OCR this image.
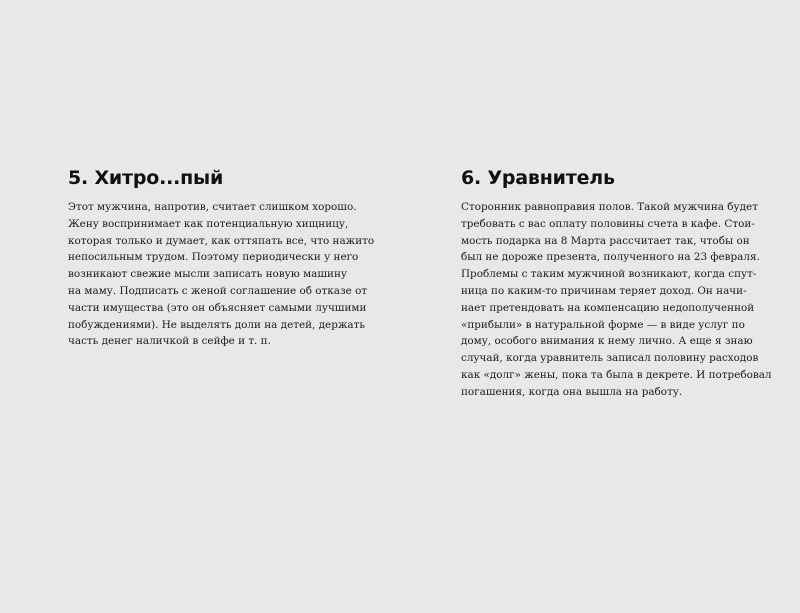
5. Хитро...пый
Этот мужчина, напротив, считает слишком хорошо.
Жену воспринимает как потенциальную хищницу,
которая только и думает, как оттяпать все, что нажито
непосильным трудом. Поэтому периодически у него
возникают свежие мысли записать новую машину
на маму. Подписать с женой соглашение об отказе от
части имущества (это он объясняет самыми лучшими
побуждениями). Не выделять доли на детей, держать
часть денег наличкой в сейфе и т. п.
6. Уравнитель
Сторонник равноправия полов. Такой мужчина будет
требовать с вас оплату половины счета в кафе. Стои-
мость подарка на 8 Марта рассчитает так, чтобы он
был не дороже презента, полученного на 23 февраля.
Проблемы с таким мужчиной возникают, когда спут-
ница по каким-то причинам теряет доход. Он начи-
нает претендовать на компенсацию недополученной
«прибыли» в натуральной форме — в виде услуг по
дому, особого внимания к нему лично. А еще я знаю
случай, когда уравнитель записал половину расходов
как «долг» жены, пока та была в декрете. И потребовал
погашения, когда она вышла на работу.
